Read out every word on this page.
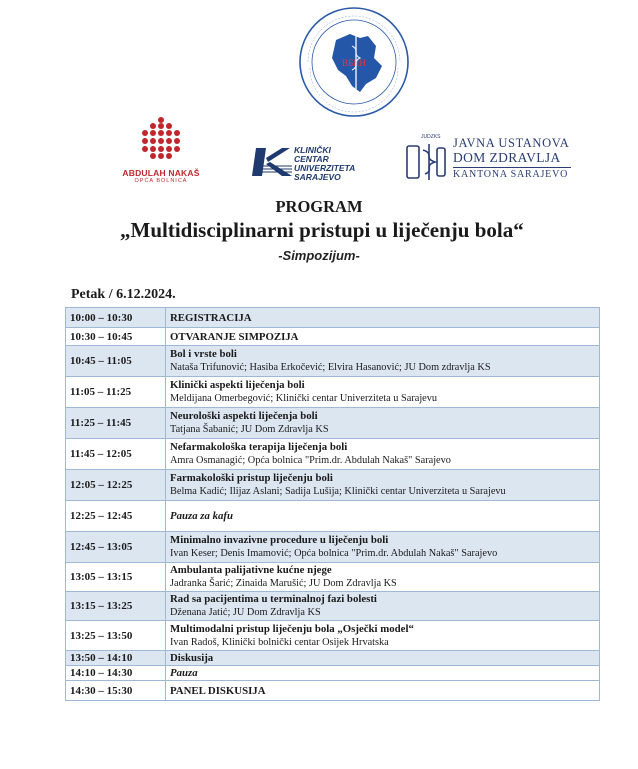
ВБRH
ABDULAH NAKAŠ
OPĆA BOLNICA
KLINIČKI
CENTAR
UNIVERZITETA
SARAJEVO
JUDZKS JAVNA USTANOVA
DOM ZDRAVLJA
KANTONA SARAJEVO
PROGRAM
„Multidisciplinarni pristupi u liječenju bola“
-Simpozijum-
Petak / 6.12.2024.
10:00 – 10:30	REGISTRACIJA

10:30 – 10:45	OTVARANJE SIMPOZIJA

10:45 – 11:05	Bol i vrste boli
Nataša Trifunović; Hasiba Erkočević; Elvira Hasanović; JU Dom zdravlja KS

11:05 – 11:25	Klinički aspekti liječenja boli
Meldijana Omerbegović; Klinički centar Univerziteta u Sarajevu

11:25 – 11:45	Neurološki aspekti liječenja boli
Tatjana Šabanić; JU Dom Zdravlja KS

11:45 – 12:05	Nefarmakološka terapija liječenja boli
Amra Osmanagić; Opća bolnica "Prim.dr. Abdulah Nakaš" Sarajevo

12:05 – 12:25	Farmakološki pristup liječenju boli
Belma Kadić; Ilijaz Aslani; Sadija Lušija; Klinički centar Univerziteta u Sarajevu

12:25 – 12:45	Pauza za kafu

12:45 – 13:05	Minimalno invazivne procedure u liječenju boli
Ivan Keser; Denis Imamović; Opća bolnica "Prim.dr. Abdulah Nakaš" Sarajevo

13:05 – 13:15	Ambulanta palijativne kućne njege
Jadranka Šarić; Zinaida Marušić; JU Dom Zdravlja KS

13:15 – 13:25	Rad sa pacijentima u terminalnoj fazi bolesti
Dženana Jatić; JU Dom Zdravlja KS

13:25 – 13:50	Multimodalni pristup liječenju bola „Osječki model“
Ivan Radoš, Klinički bolnički centar Osijek Hrvatska

13:50 – 14:10	Diskusija

14:10 – 14:30	Pauza

14:30 – 15:30	PANEL DISKUSIJA
